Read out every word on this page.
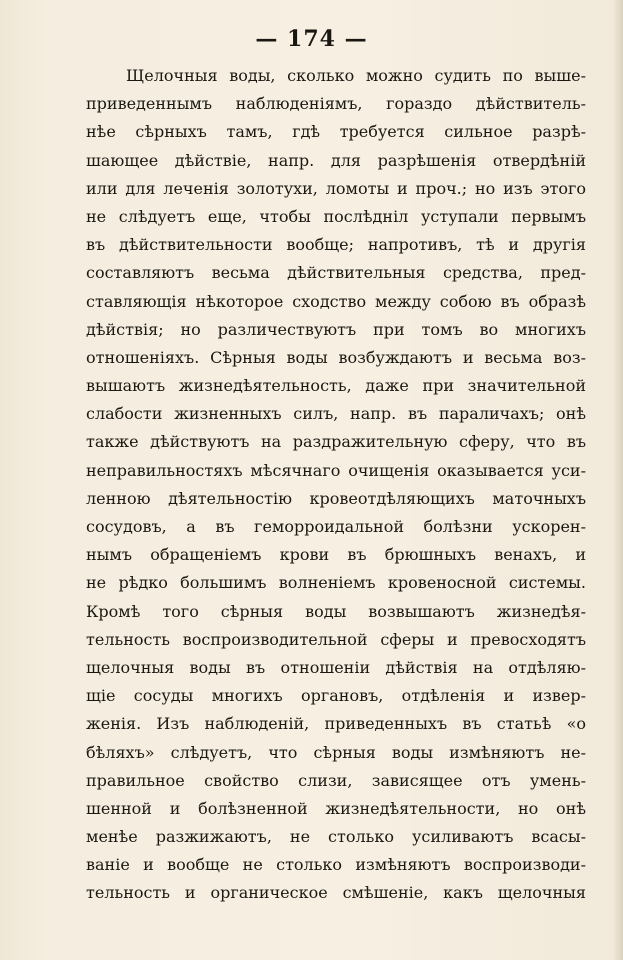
— 174 —
Щелочныя воды, сколько можно судить по выше-
приведеннымъ наблюденіямъ, гораздо дѣйствитель-
нѣе сѣрныхъ тамъ, гдѣ требуется сильное разрѣ-
шающее дѣйствіе, напр. для разрѣшенія отвердѣній
или для леченія золотухи, ломоты и проч.; но изъ этого
не слѣдуетъ еще, чтобы послѣдніл уступали первымъ
въ дѣйствительности вообще; напротивъ, тѣ и другія
составляютъ весьма дѣйствительныя средства, пред-
ставляющія нѣкоторое сходство между собою въ образѣ
дѣйствія; но различествуютъ при томъ во многихъ
отношеніяхъ. Сѣрныя воды возбуждаютъ и весьма воз-
вышаютъ жизнедѣятельность, даже при значительной
слабости жизненныхъ силъ, напр. въ параличахъ; онѣ
также дѣйствуютъ на раздражительную сферу, что въ
неправильностяхъ мѣсячнаго очищенія оказывается уси-
ленною дѣятельностію кровеотдѣляющихъ маточныхъ
сосудовъ, а въ геморроидальной болѣзни ускорен-
нымъ обращеніемъ крови въ брюшныхъ венахъ, и
не рѣдко большимъ волненіемъ кровеносной системы.
Кромѣ того сѣрныя воды возвышаютъ жизнедѣя-
тельность воспроизводительной сферы и превосходятъ
щелочныя воды въ отношеніи дѣйствія на отдѣляю-
щіе сосуды многихъ органовъ, отдѣленія и извер-
женія. Изъ наблюденій, приведенныхъ въ статьѣ «о
бѣляхъ» слѣдуетъ, что сѣрныя воды измѣняютъ не-
правильное свойство слизи, зависящее отъ умень-
шенной и болѣзненной жизнедѣятельности, но онѣ
менѣе разжижаютъ, не столько усиливаютъ всасы-
ваніе и вообще не столько измѣняютъ воспроизводи-
тельность и органическое смѣшеніе, какъ щелочныя
